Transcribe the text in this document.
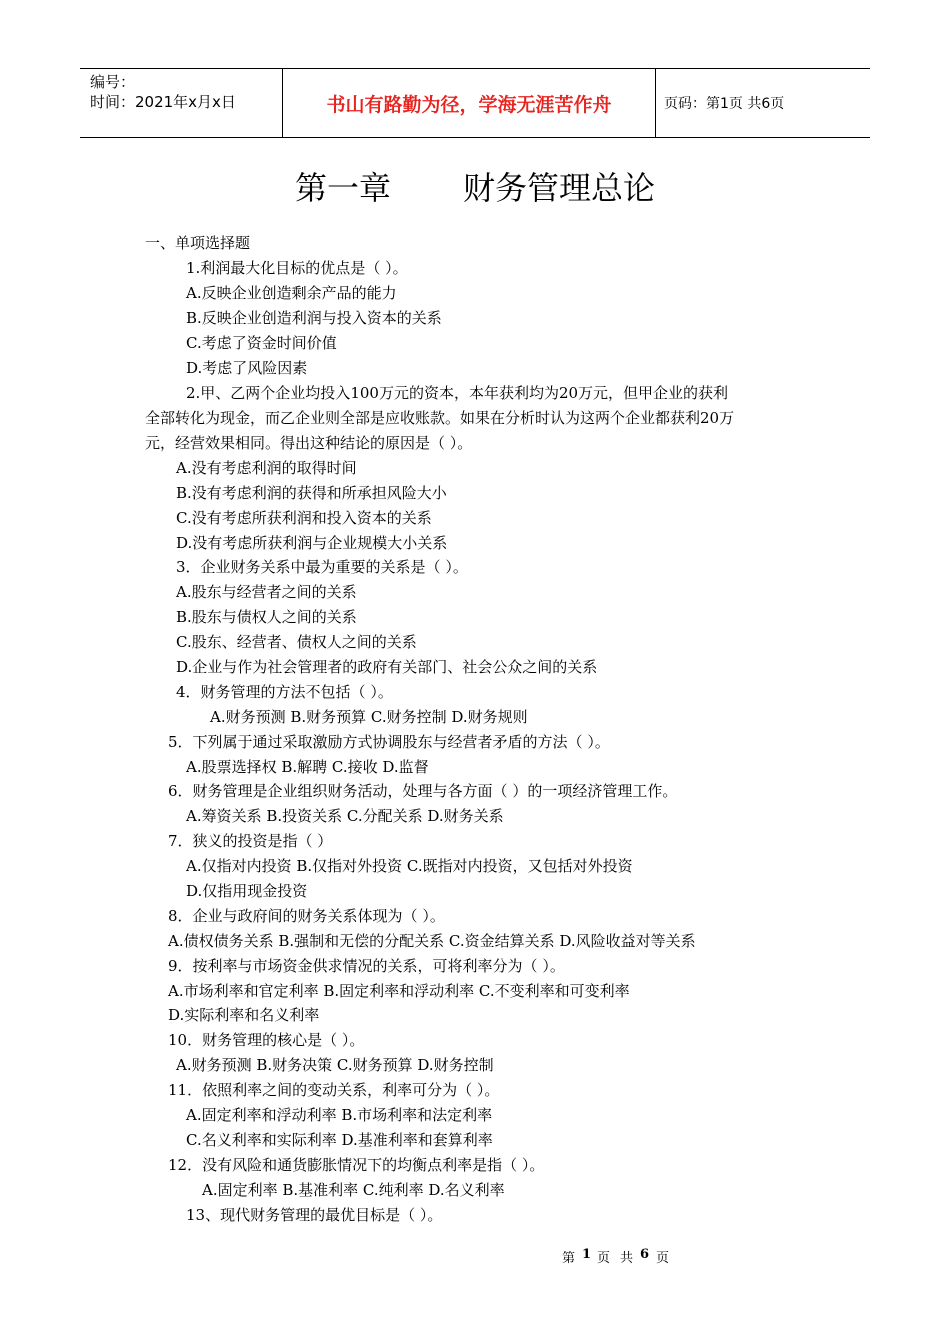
编号：
时间：2021年x月x日	书山有路勤为径，学海无涯苦作舟	页码：第1页 共6页
第一章 财务管理总论
一、单项选择题
1.利润最大化目标的优点是（ ）。
A.反映企业创造剩余产品的能力
B.反映企业创造利润与投入资本的关系
C.考虑了资金时间价值
D.考虑了风险因素
2.甲、乙两个企业均投入100万元的资本，本年获利均为20万元，但甲企业的获利
全部转化为现金，而乙企业则全部是应收账款。如果在分析时认为这两个企业都获利20万
元，经营效果相同。得出这种结论的原因是（ ）。
A.没有考虑利润的取得时间
B.没有考虑利润的获得和所承担风险大小
C.没有考虑所获利润和投入资本的关系
D.没有考虑所获利润与企业规模大小关系
3．企业财务关系中最为重要的关系是（ ）。
A.股东与经营者之间的关系
B.股东与债权人之间的关系
C.股东、经营者、债权人之间的关系
D.企业与作为社会管理者的政府有关部门、社会公众之间的关系
4．财务管理的方法不包括（ ）。
A.财务预测 B.财务预算 C.财务控制 D.财务规则
5．下列属于通过采取激励方式协调股东与经营者矛盾的方法（ ）。
A.股票选择权 B.解聘 C.接收 D.监督
6．财务管理是企业组织财务活动，处理与各方面（ ）的一项经济管理工作。
A.筹资关系 B.投资关系 C.分配关系 D.财务关系
7．狭义的投资是指（ ）
A.仅指对内投资 B.仅指对外投资 C.既指对内投资，又包括对外投资
D.仅指用现金投资
8．企业与政府间的财务关系体现为（ ）。
A.债权债务关系 B.强制和无偿的分配关系 C.资金结算关系 D.风险收益对等关系
9．按利率与市场资金供求情况的关系，可将利率分为（ ）。
A.市场利率和官定利率 B.固定利率和浮动利率 C.不变利率和可变利率
D.实际利率和名义利率
10．财务管理的核心是（ ）。
A.财务预测 B.财务决策 C.财务预算 D.财务控制
11．依照利率之间的变动关系，利率可分为（ ）。
A.固定利率和浮动利率 B.市场利率和法定利率
C.名义利率和实际利率 D.基准利率和套算利率
12．没有风险和通货膨胀情况下的均衡点利率是指（ ）。
A.固定利率 B.基准利率 C.纯利率 D.名义利率
13、现代财务管理的最优目标是（ ）。
第 1 页 共 6 页
